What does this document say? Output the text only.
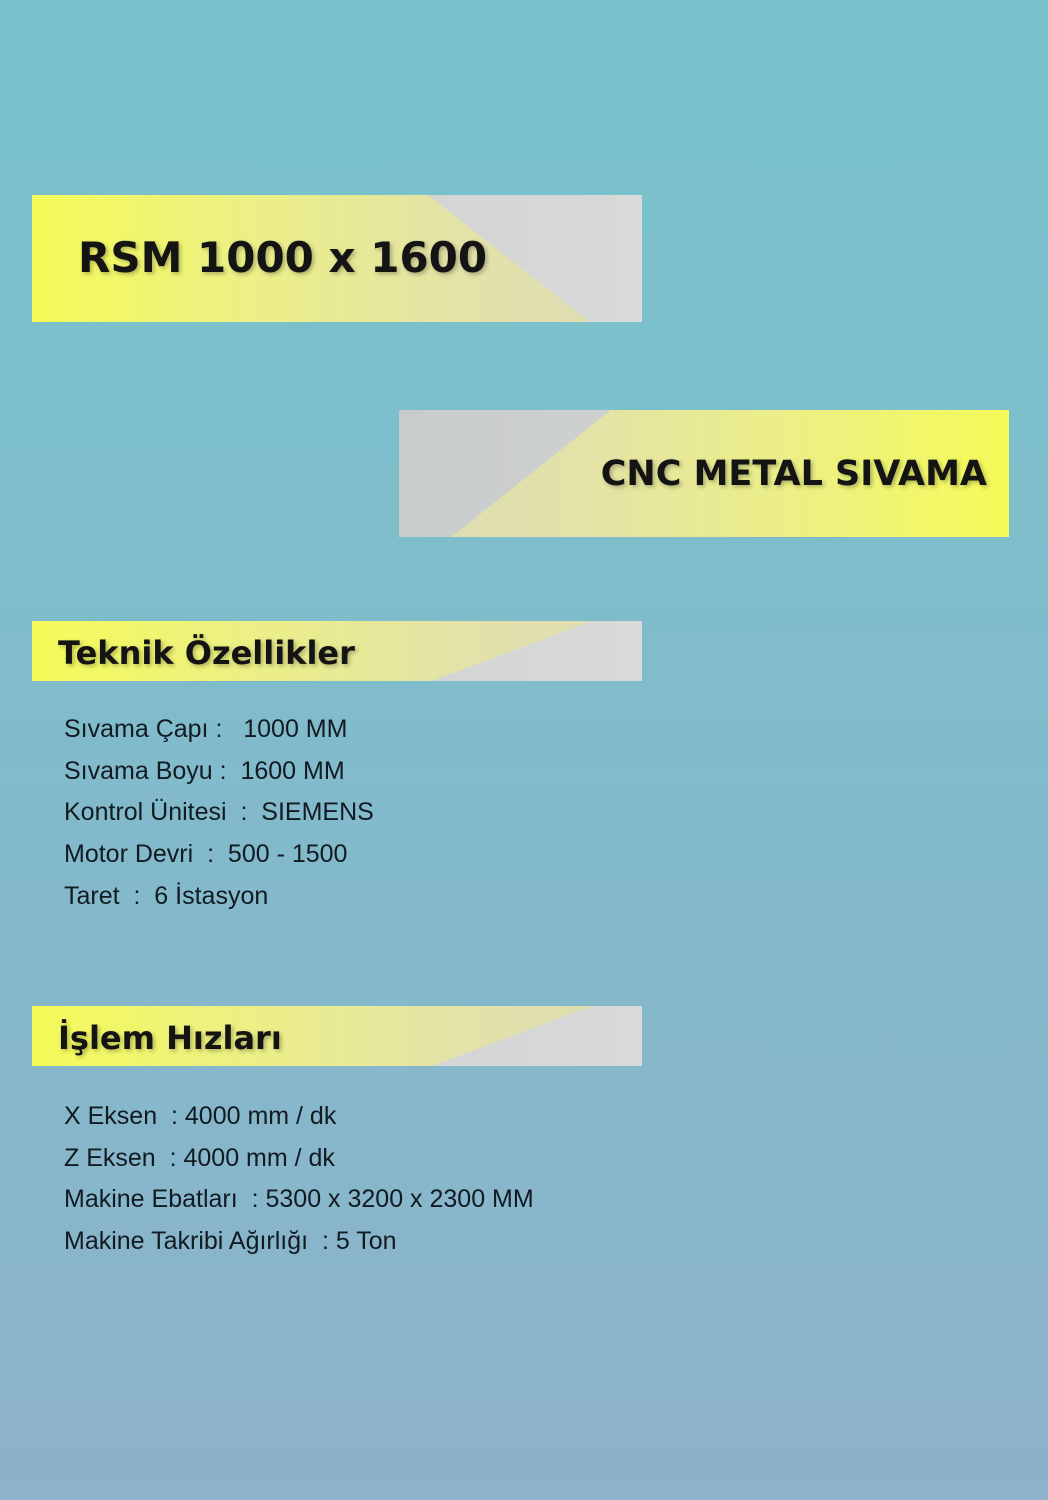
RSM 1000 x 1600
CNC METAL SIVAMA
Teknik Özellikler
Sıvama Çapı :   1000 MM
Sıvama Boyu :  1600 MM
Kontrol Ünitesi  :  SIEMENS
Motor Devri  :  500 - 1500
Taret  :  6 İstasyon
İşlem Hızları
X Eksen  : 4000 mm / dk
Z Eksen  : 4000 mm / dk
Makine Ebatları  : 5300 x 3200 x 2300 MM
Makine Takribi Ağırlığı  : 5 Ton
